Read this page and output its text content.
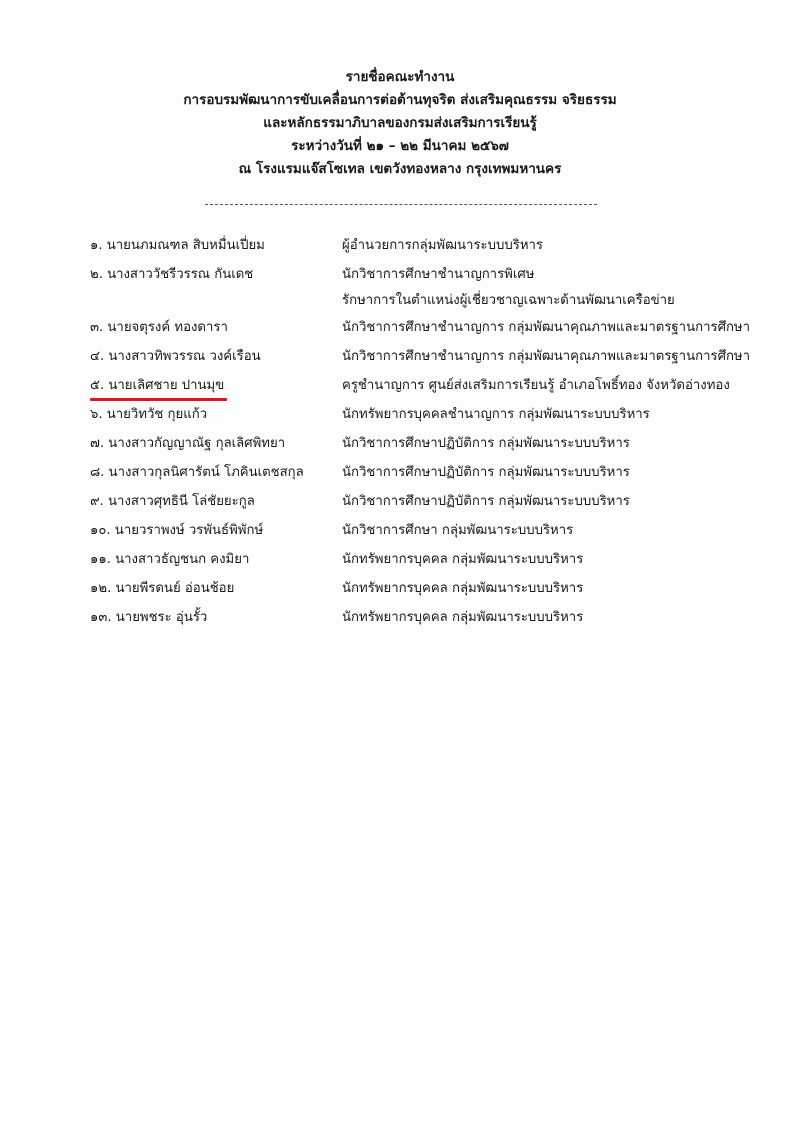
รายชื่อคณะทำงาน
การอบรมพัฒนาการขับเคลื่อนการต่อต้านทุจริต ส่งเสริมคุณธรรม จริยธรรม
และหลักธรรมาภิบาลของกรมส่งเสริมการเรียนรู้
ระหว่างวันที่ ๒๑ – ๒๒ มีนาคม ๒๕๖๗
ณ โรงแรมแจ๊สโซเทล เขตวังทองหลาง กรุงเทพมหานคร
๑. นายนภมณฑล สิบหมื่นเปี่ยม	ผู้อำนวยการกลุ่มพัฒนาระบบบริหาร
๒. นางสาววัชรีวรรณ กันเดช	นักวิชาการศึกษาชำนาญการพิเศษ
รักษาการในตำแหน่งผู้เชี่ยวชาญเฉพาะด้านพัฒนาเครือข่าย
๓. นายจตุรงค์ ทองดารา	นักวิชาการศึกษาชำนาญการ กลุ่มพัฒนาคุณภาพและมาตรฐานการศึกษา
๔. นางสาวทิพวรรณ วงค์เรือน	นักวิชาการศึกษาชำนาญการ กลุ่มพัฒนาคุณภาพและมาตรฐานการศึกษา
๕. นายเลิศชาย ปานมุข	ครูชำนาญการ ศูนย์ส่งเสริมการเรียนรู้ อำเภอโพธิ์ทอง จังหวัดอ่างทอง
๖. นายวิทวัช กุยแก้ว	นักทรัพยากรบุคคลชำนาญการ กลุ่มพัฒนาระบบบริหาร
๗. นางสาวกัญญาณัฐ กุลเลิศพิทยา	นักวิชาการศึกษาปฏิบัติการ กลุ่มพัฒนาระบบบริหาร
๘. นางสาวกุลนิศารัตน์ โภคินเตชสกุล	นักวิชาการศึกษาปฏิบัติการ กลุ่มพัฒนาระบบบริหาร
๙. นางสาวศุทธินี โล่ชัยยะกูล	นักวิชาการศึกษาปฏิบัติการ กลุ่มพัฒนาระบบบริหาร
๑๐. นายวราพงษ์ วรพันธ์พิพักษ์	นักวิชาการศึกษา กลุ่มพัฒนาระบบบริหาร
๑๑. นางสาวธัญชนก คงมิยา	นักทรัพยากรบุคคล กลุ่มพัฒนาระบบบริหาร
๑๒. นายพีรดนย์ อ่อนช้อย	นักทรัพยากรบุคคล กลุ่มพัฒนาระบบบริหาร
๑๓. นายพชระ อุ่นรั้ว	นักทรัพยากรบุคคล กลุ่มพัฒนาระบบบริหาร
